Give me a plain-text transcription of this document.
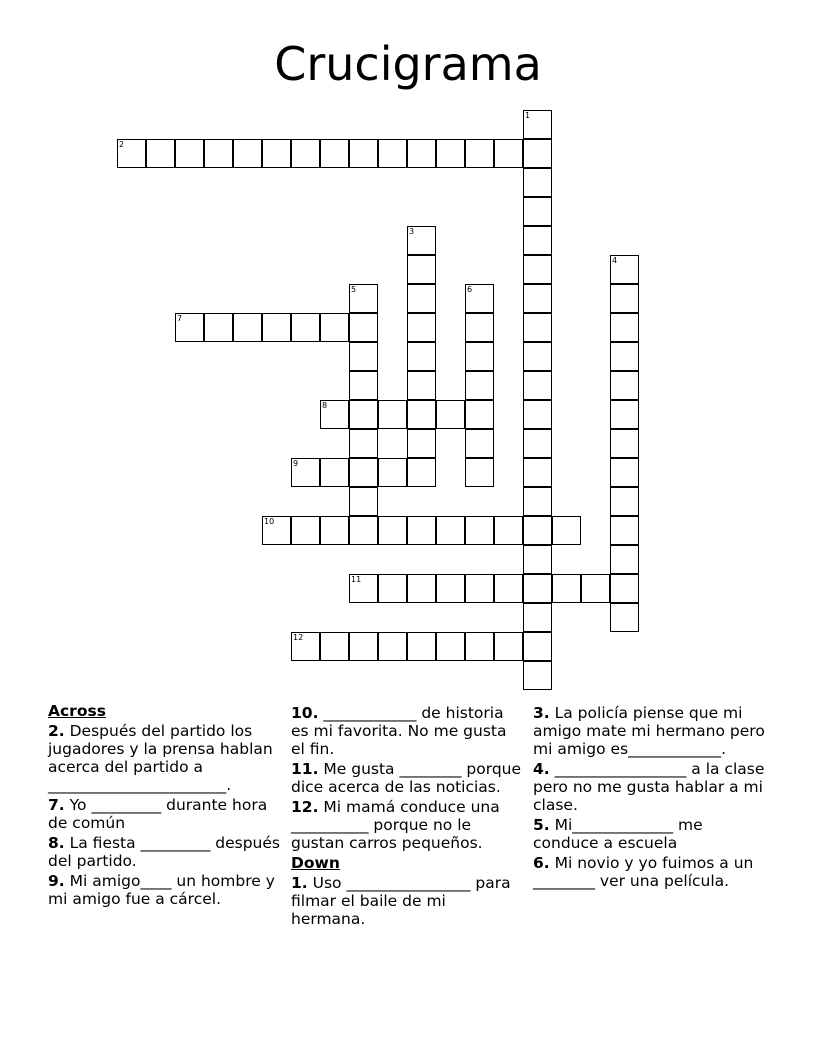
Crucigrama
2
7
8
9
10
11
12
1
3
4
5	6
Across
2. Después del partido los jugadores y la prensa hablan acerca del partido a _______________________.
7. Yo _________ durante hora de común
8. La fiesta _________ después del partido.
9. Mi amigo____ un hombre y mi amigo fue a cárcel.
10. ____________ de historia es mi favorita. No me gusta el fin.
11. Me gusta ________ porque dice acerca de las noticias.
12. Mi mamá conduce una __________ porque no le gustan carros pequeños.
Down
1. Uso ________________ para filmar el baile de mi hermana.
3. La policía piense que mi amigo mate mi hermano pero mi amigo es____________.
4. _________________ a la clase pero no me gusta hablar a mi clase.
5. Mi_____________ me conduce a escuela
6. Mi novio y yo fuimos a un ________ ver una película.
